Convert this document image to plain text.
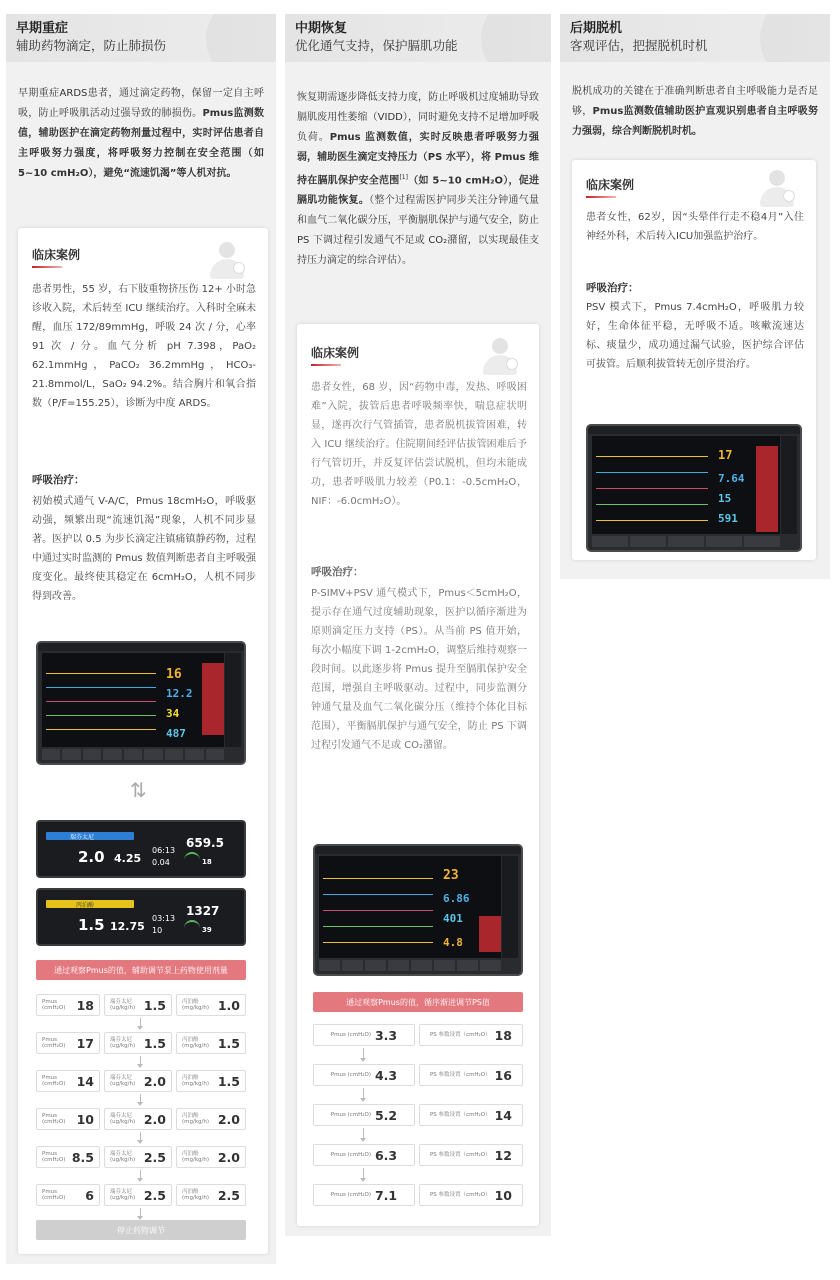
早期重症
辅助药物滴定，防止肺损伤

早期重症ARDS患者，通过滴定药物，保留一定自主呼吸，防止呼吸肌活动过强导致的肺损伤。Pmus监测数值，辅助医护在滴定药物剂量过程中，实时评估患者自主呼吸努力强度，将呼吸努力控制在安全范围（如5~10 cmH₂O），避免“流速饥渴”等人机对抗。

临床案例
患者男性，55 岁，右下肢重物挤压伤 12+ 小时急诊收入院，术后转至 ICU 继续治疗。入科时全麻未醒，血压 172/89mmHg，呼吸 24 次 / 分，心率 91 次 / 分。血气分析 pH 7.398，PaO₂ 62.1mmHg，PaCO₂ 36.2mmHg，HCO₃- 21.8mmol/L，SaO₂ 94.2%。结合胸片和氧合指数（P/F=155.25），诊断为中度 ARDS。
呼吸治疗：
初始模式通气 V-A/C，Pmus 18cmH₂O，呼吸驱动强，频繁出现“流速饥渴”现象，人机不同步显著。医护以 0.5 为步长滴定注镇痛镇静药物，过程中通过实时监测的 Pmus 数值判断患者自主呼吸强度变化。最终使其稳定在 6cmH₂O，人机不同步得到改善。
16
12.2
34
487
⇅
瑞芬太尼
2.0 4.25
06:13
0.04
659.5
18
丙泊酚
1.5 12.75
03:13
10
1327
39
通过观察Pmus的值，辅助调节泵上药物使用剂量
Pmus (cmH₂O) 18	瑞芬太尼 (ug/kg/h) 1.5	丙泊酚 (mg/kg/h) 1.0
Pmus (cmH₂O) 17	瑞芬太尼 (ug/kg/h) 1.5	丙泊酚 (mg/kg/h) 1.5
Pmus (cmH₂O) 14	瑞芬太尼 (ug/kg/h) 2.0	丙泊酚 (mg/kg/h) 1.5
Pmus (cmH₂O) 10	瑞芬太尼 (ug/kg/h) 2.0	丙泊酚 (mg/kg/h) 2.0
Pmus (cmH₂O) 8.5	瑞芬太尼 (ug/kg/h) 2.5	丙泊酚 (mg/kg/h) 2.0
Pmus (cmH₂O)	6	瑞芬太尼 (ug/kg/h) 2.5	丙泊酚 (mg/kg/h) 2.5
停止药物调节
中期恢复
优化通气支持，保护膈肌功能

恢复期需逐步降低支持力度，防止呼吸机过度辅助导致膈肌废用性萎缩（VIDD），同时避免支持不足增加呼吸负荷。Pmus 监测数值，实时反映患者呼吸努力强弱，辅助医生滴定支持压力（PS 水平），将 Pmus 维持在膈肌保护安全范围[1]（如 5~10 cmH₂O），促进膈肌功能恢复。（整个过程需医护同步关注分钟通气量和血气二氧化碳分压，平衡膈肌保护与通气安全，防止 PS 下调过程引发通气不足或 CO₂潴留，以实现最佳支持压力滴定的综合评估）。

临床案例
患者女性，68 岁，因“药物中毒，发热、呼吸困难”入院，拔管后患者呼吸频率快，喘息症状明显，遂再次行气管插管，患者脱机拔管困难，转入 ICU 继续治疗。住院期间经评估拔管困难后予行气管切开，并反复评估尝试脱机，但均未能成功，患者呼吸肌力较差（P0.1：-0.5cmH₂O，NIF：-6.0cmH₂O）。
呼吸治疗：
P-SIMV+PSV 通气模式下，Pmus＜5cmH₂O，提示存在通气过度辅助现象，医护以循序渐进为原则滴定压力支持（PS）。从当前 PS 值开始，每次小幅度下调 1-2cmH₂O，调整后维持观察一段时间。以此逐步将 Pmus 提升至膈肌保护安全范围，增强自主呼吸驱动。过程中，同步监测分钟通气量及血气二氧化碳分压（维持个体化目标范围），平衡膈肌保护与通气安全，防止 PS 下调过程引发通气不足或 CO₂潴留。
23
6.86
401
4.8
通过观察Pmus的值，循序渐进调节PS值
Pmus (cmH₂O) 3.3	PS 参数设置（cmH₂O） 18
Pmus (cmH₂O) 4.3	PS 参数设置（cmH₂O） 16
Pmus (cmH₂O) 5.2	PS 参数设置（cmH₂O） 14
Pmus (cmH₂O) 6.3	PS 参数设置（cmH₂O） 12
Pmus (cmH₂O) 7.1	PS 参数设置（cmH₂O） 10
后期脱机
客观评估，把握脱机时机

脱机成功的关键在于准确判断患者自主呼吸能力是否足够，Pmus监测数值辅助医护直观识别患者自主呼吸努力强弱，综合判断脱机时机。

临床案例
患者女性，62岁，因“头晕伴行走不稳4月”入住神经外科，术后转入ICU加强监护治疗。
呼吸治疗：
PSV 模式下，Pmus 7.4cmH₂O，呼吸肌力较好，生命体征平稳，无呼吸不适。咳嗽流速达标、痰量少，成功通过漏气试验，医护综合评估可拔管。后顺利拔管转无创序贯治疗。
17
7.64
15
591
